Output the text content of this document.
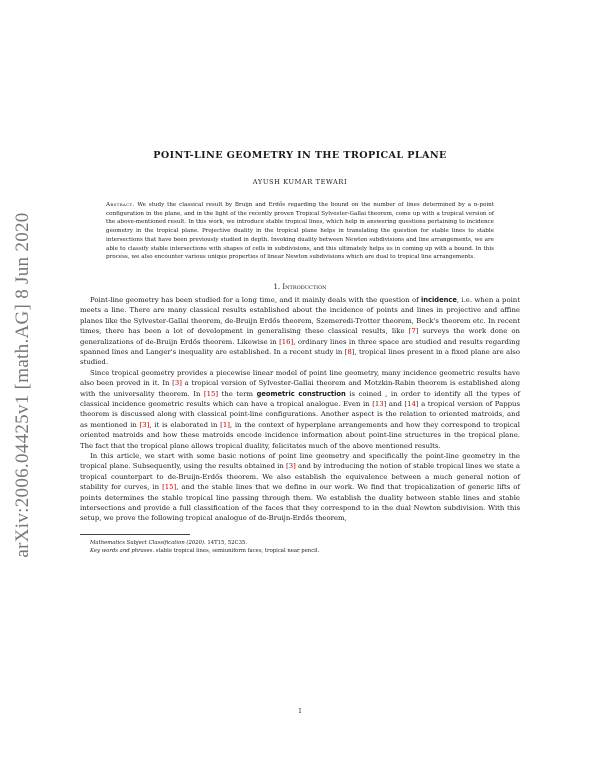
arXiv:2006.04425v1 [math.AG] 8 Jun 2020
POINT-LINE GEOMETRY IN THE TROPICAL PLANE
AYUSH KUMAR TEWARI
Abstract. We study the classical result by Bruijn and Erdős regarding the bound on the number of lines determined by a n-point configuration in the plane, and in the light of the recently proven Tropical Sylvester-Gallai theorem, come up with a tropical version of the above-mentioned result. In this work, we introduce stable tropical lines, which help in answering questions pertaining to incidence geometry in the tropical plane. Projective duality in the tropical plane helps in translating the question for stable lines to stable intersections that have been previously studied in depth. Invoking duality between Newton subdivisions and line arrangements, we are able to classify stable intersections with shapes of cells in subdivisions, and this ultimately helps us in coming up with a bound. In this process, we also encounter various unique properties of linear Newton subdivisions which are dual to tropical line arrangements.
1. Introduction

Point-line geometry has been studied for a long time, and it mainly deals with the question of incidence, i.e. when a point meets a line. There are many classical results established about the incidence of points and lines in projective and affine planes like the Sylvester-Gallai theorem, de-Bruijn Erdős theorem, Szemeredi-Trotter theorem, Beck's theorem etc. In recent times, there has been a lot of development in generalising these classical results, like [7] surveys the work done on generalizations of de-Bruijn Erdős theorem. Likewise in [16], ordinary lines in three space are studied and results regarding spanned lines and Langer's inequality are established. In a recent study in [8], tropical lines present in a fixed plane are also studied.

Since tropical geometry provides a piecewise linear model of point line geometry, many incidence geometric results have also been proved in it. In [3] a tropical version of Sylvester-Gallai theorem and Motzkin-Rabin theorem is established along with the universality theorem. In [15] the term geometric construction is coined , in order to identify all the types of classical incidence geometric results which can have a tropical analogue. Even in [13] and [14] a tropical version of Pappus theorem is discussed along with classical point-line configurations. Another aspect is the relation to oriented matroids, and as mentioned in [3], it is elaborated in [1], in the context of hyperplane arrangements and how they correspond to tropical oriented matroids and how these matroids encode incidence information about point-line structures in the tropical plane. The fact that the tropical plane allows tropical duality, felicitates much of the above mentioned results.

In this article, we start with some basic notions of point line geometry and specifically the point-line geometry in the tropical plane. Subsequently, using the results obtained in [3] and by introducing the notion of stable tropical lines we state a tropical counterpart to de-Bruijn-Erdős theorem. We also establish the equivalence between a much general notion of stability for curves, in [15], and the stable lines that we define in our work. We find that tropicalization of generic lifts of points determines the stable tropical line passing through them. We establish the duality between stable lines and stable intersections and provide a full classification of the faces that they correspond to in the dual Newton subdivision. With this setup, we prove the following tropical analogue of de-Bruijn-Erdős theorem,

Mathematics Subject Classification (2020). 14T15, 52C35.

Key words and phrases. stable tropical lines, semiuniform faces, tropical near pencil.

1
